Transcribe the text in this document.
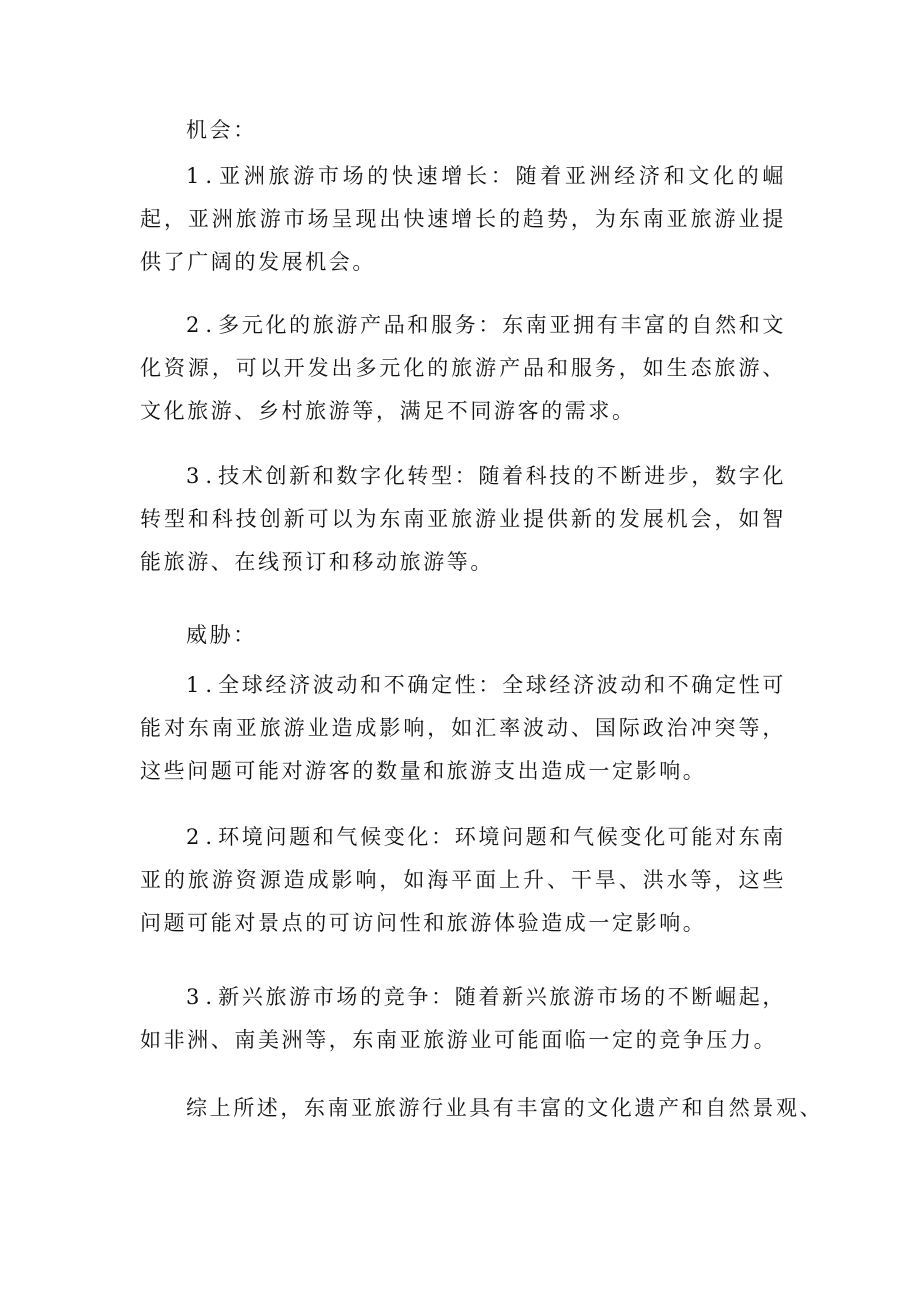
机会：

1.亚洲旅游市场的快速增长：随着亚洲经济和文化的崛起，亚洲旅游市场呈现出快速增长的趋势，为东南亚旅游业提供了广阔的发展机会。

2.多元化的旅游产品和服务：东南亚拥有丰富的自然和文化资源，可以开发出多元化的旅游产品和服务，如生态旅游、文化旅游、乡村旅游等，满足不同游客的需求。

3.技术创新和数字化转型：随着科技的不断进步，数字化转型和科技创新可以为东南亚旅游业提供新的发展机会，如智能旅游、在线预订和移动旅游等。

威胁：

1.全球经济波动和不确定性：全球经济波动和不确定性可能对东南亚旅游业造成影响，如汇率波动、国际政治冲突等，这些问题可能对游客的数量和旅游支出造成一定影响。

2.环境问题和气候变化：环境问题和气候变化可能对东南亚的旅游资源造成影响，如海平面上升、干旱、洪水等，这些问题可能对景点的可访问性和旅游体验造成一定影响。

3.新兴旅游市场的竞争：随着新兴旅游市场的不断崛起，如非洲、南美洲等，东南亚旅游业可能面临一定的竞争压力。

综上所述，东南亚旅游行业具有丰富的文化遗产和自然景观、
